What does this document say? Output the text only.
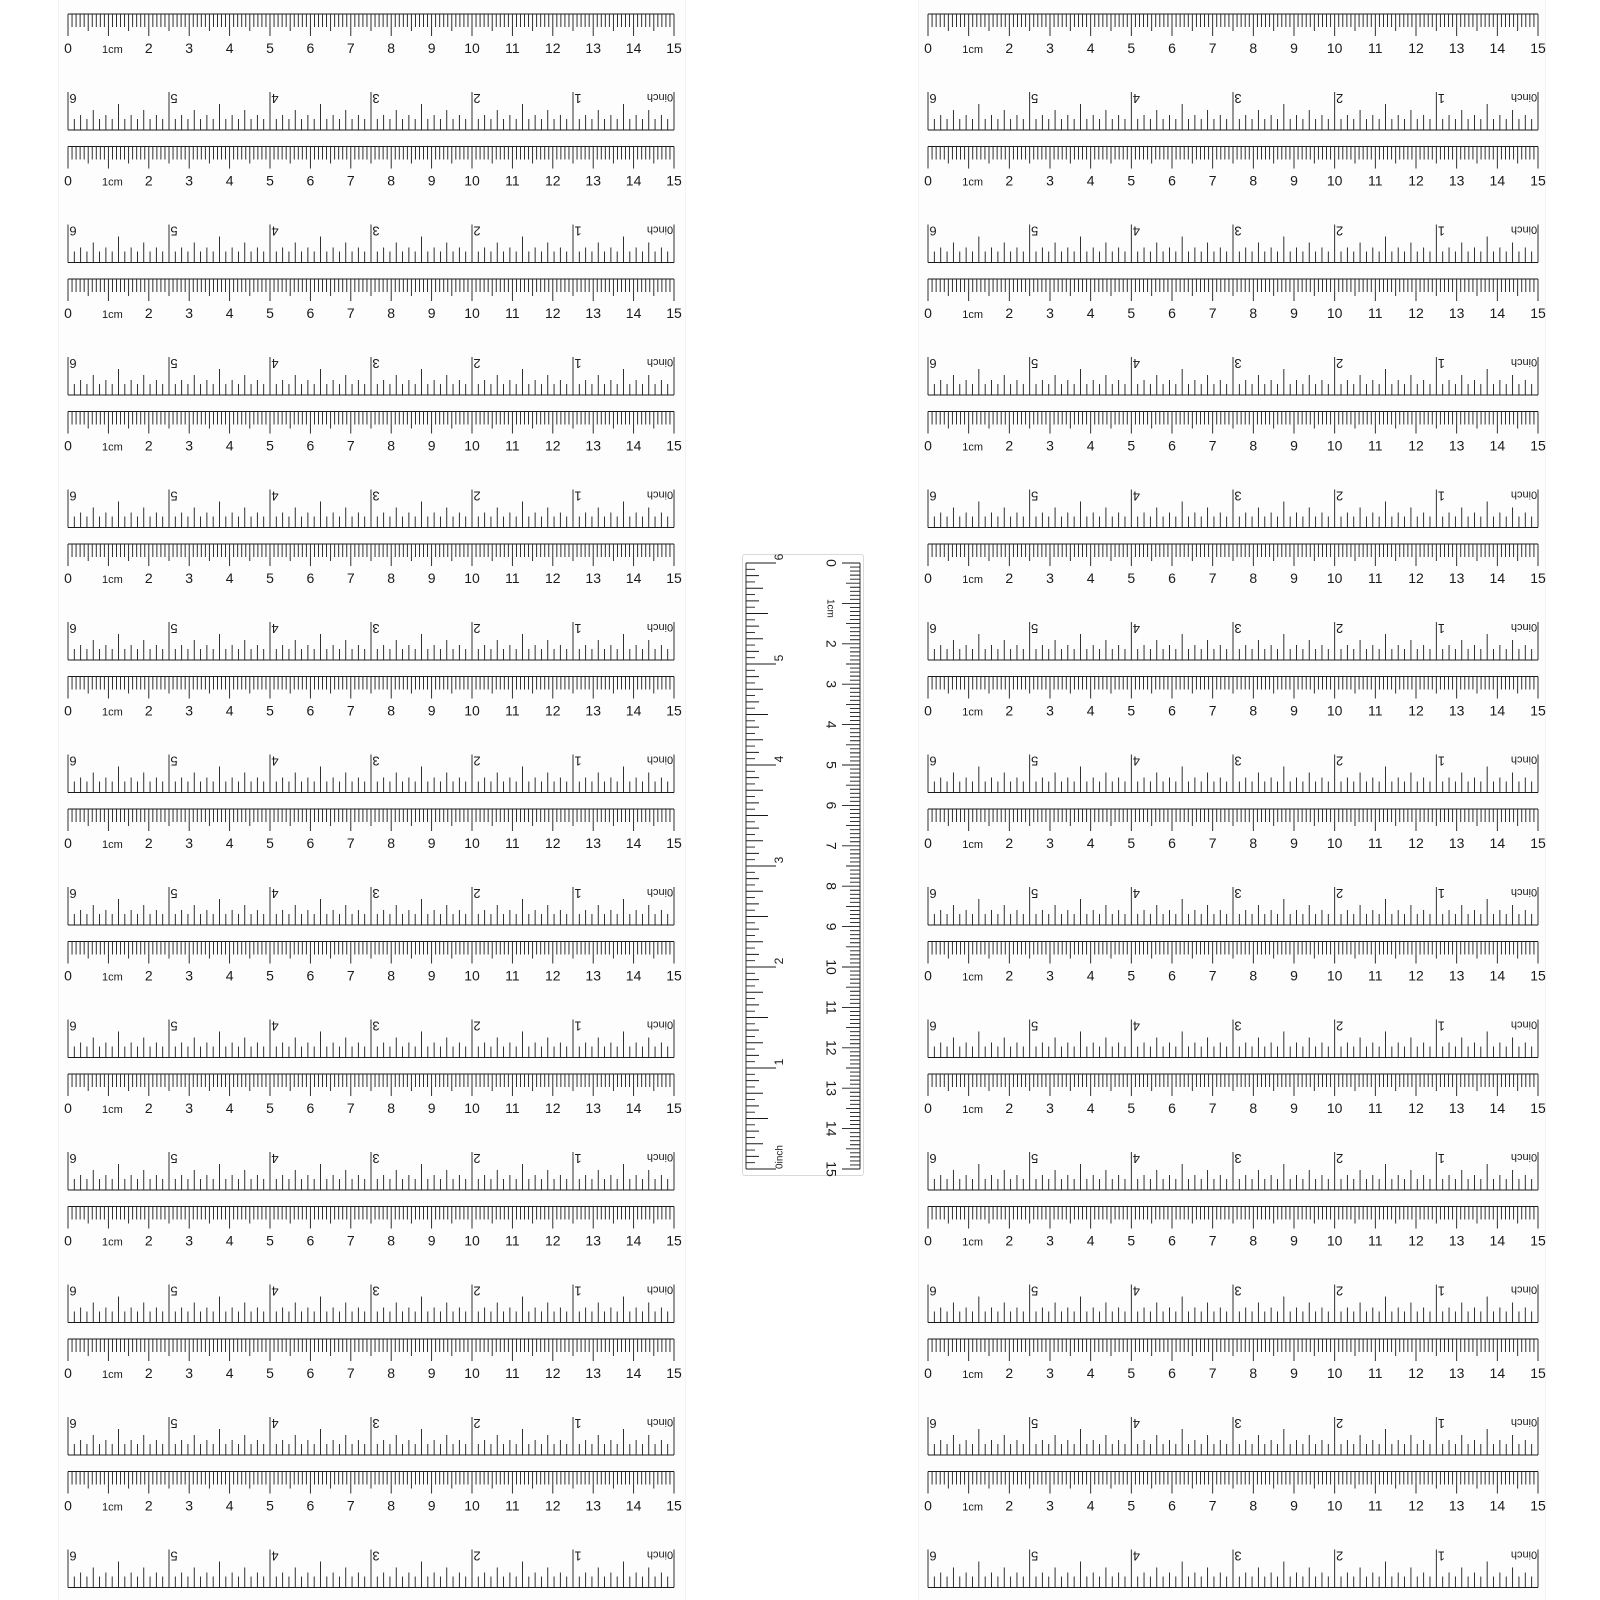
0	1cm 2 3 4 5 6 7 8 9 10 11 12 13 14 15
6	5	4	3	2	1	0inch
0	1cm 2 3 4 5 6 7 8 9 10 11 12 13 14 15
6	5	4	3	2	1	0inch
0	1cm 2 3 4 5 6 7 8 9 10 11 12 13 14 15
6	5	4	3	2	1	0inch
0	1cm 2 3 4 5 6 7 8 9 10 11 12 13 14 15
6	5	4	3	2	1	0inch
0	1cm 2 3 4 5 6 7 8 9 10 11 12 13 14 15
6	5	4	3	2	1	0inch
0	1cm 2 3 4 5 6 7 8 9 10 11 12 13 14 15
6	5	4	3	2	1	0inch
0	1cm 2 3 4 5 6 7 8 9 10 11 12 13 14 15
6	5	4	3	2	1	0inch
0	1cm 2 3 4 5 6 7 8 9 10 11 12 13 14 15
6	5	4	3	2	1	0inch
0	1cm 2 3 4 5 6 7 8 9 10 11 12 13 14 15
6	5	4	3	2	1	0inch
0	1cm 2 3 4 5 6 7 8 9 10 11 12 13 14 15
6	5	4	3	2	1	0inch
0	1cm 2 3 4 5 6 7 8 9 10 11 12 13 14 15
6	5	4	3	2	1	0inch
0	1cm 2 3 4 5 6 7 8 9 10 11 12 13 14 15
6	5	4	3	2	1	0inch
0	1cm 2 3 4 5 6 7 8 9 10 11 12 13 14 15
6	5	4	3	2	1	0inch
0	1cm 2 3 4 5 6 7 8 9 10 11 12 13 14 15
6	5	4	3	2	1	0inch
0	1cm 2 3 4 5 6 7 8 9 10 11 12 13 14 15
6	5	4	3	2	1	0inch
0	1cm 2 3 4 5 6 7 8 9 10 11 12 13 14 15
6	5	4	3	2	1	0inch
0	1cm 2 3 4 5 6 7 8 9 10 11 12 13 14 15
6	5	4	3	2	1	0inch
0	1cm 2 3 4 5 6 7 8 9 10 11 12 13 14 15
6	5	4	3	2	1	0inch
0	1cm 2 3 4 5 6 7 8 9 10 11 12 13 14 15
6	5	4	3	2	1	0inch
0	1cm 2 3 4 5 6 7 8 9 10 11 12 13 14 15
6	5	4	3	2	1	0inch
0	1cm 2 3 4 5 6 7 8 9 10 11 12 13 14 15
6	5	4	3	2	1	0inch
0	1cm 2 3 4 5 6 7 8 9 10 11 12 13 14 15
6	5	4	3	2	1	0inch
0	1cm 2 3 4 5 6 7 8 9 10 11 12 13 14 15
6	5	4	3	2	1	0inch
0	1cm 2 3 4 5 6 7 8 9 10 11 12 13 14 15
6	5	4	3	2	1	0inch
0
1cm
2
3
4
5
6
7
8
9
10
11
12
13
14
15
0inch
1
2
3
4
5
6
